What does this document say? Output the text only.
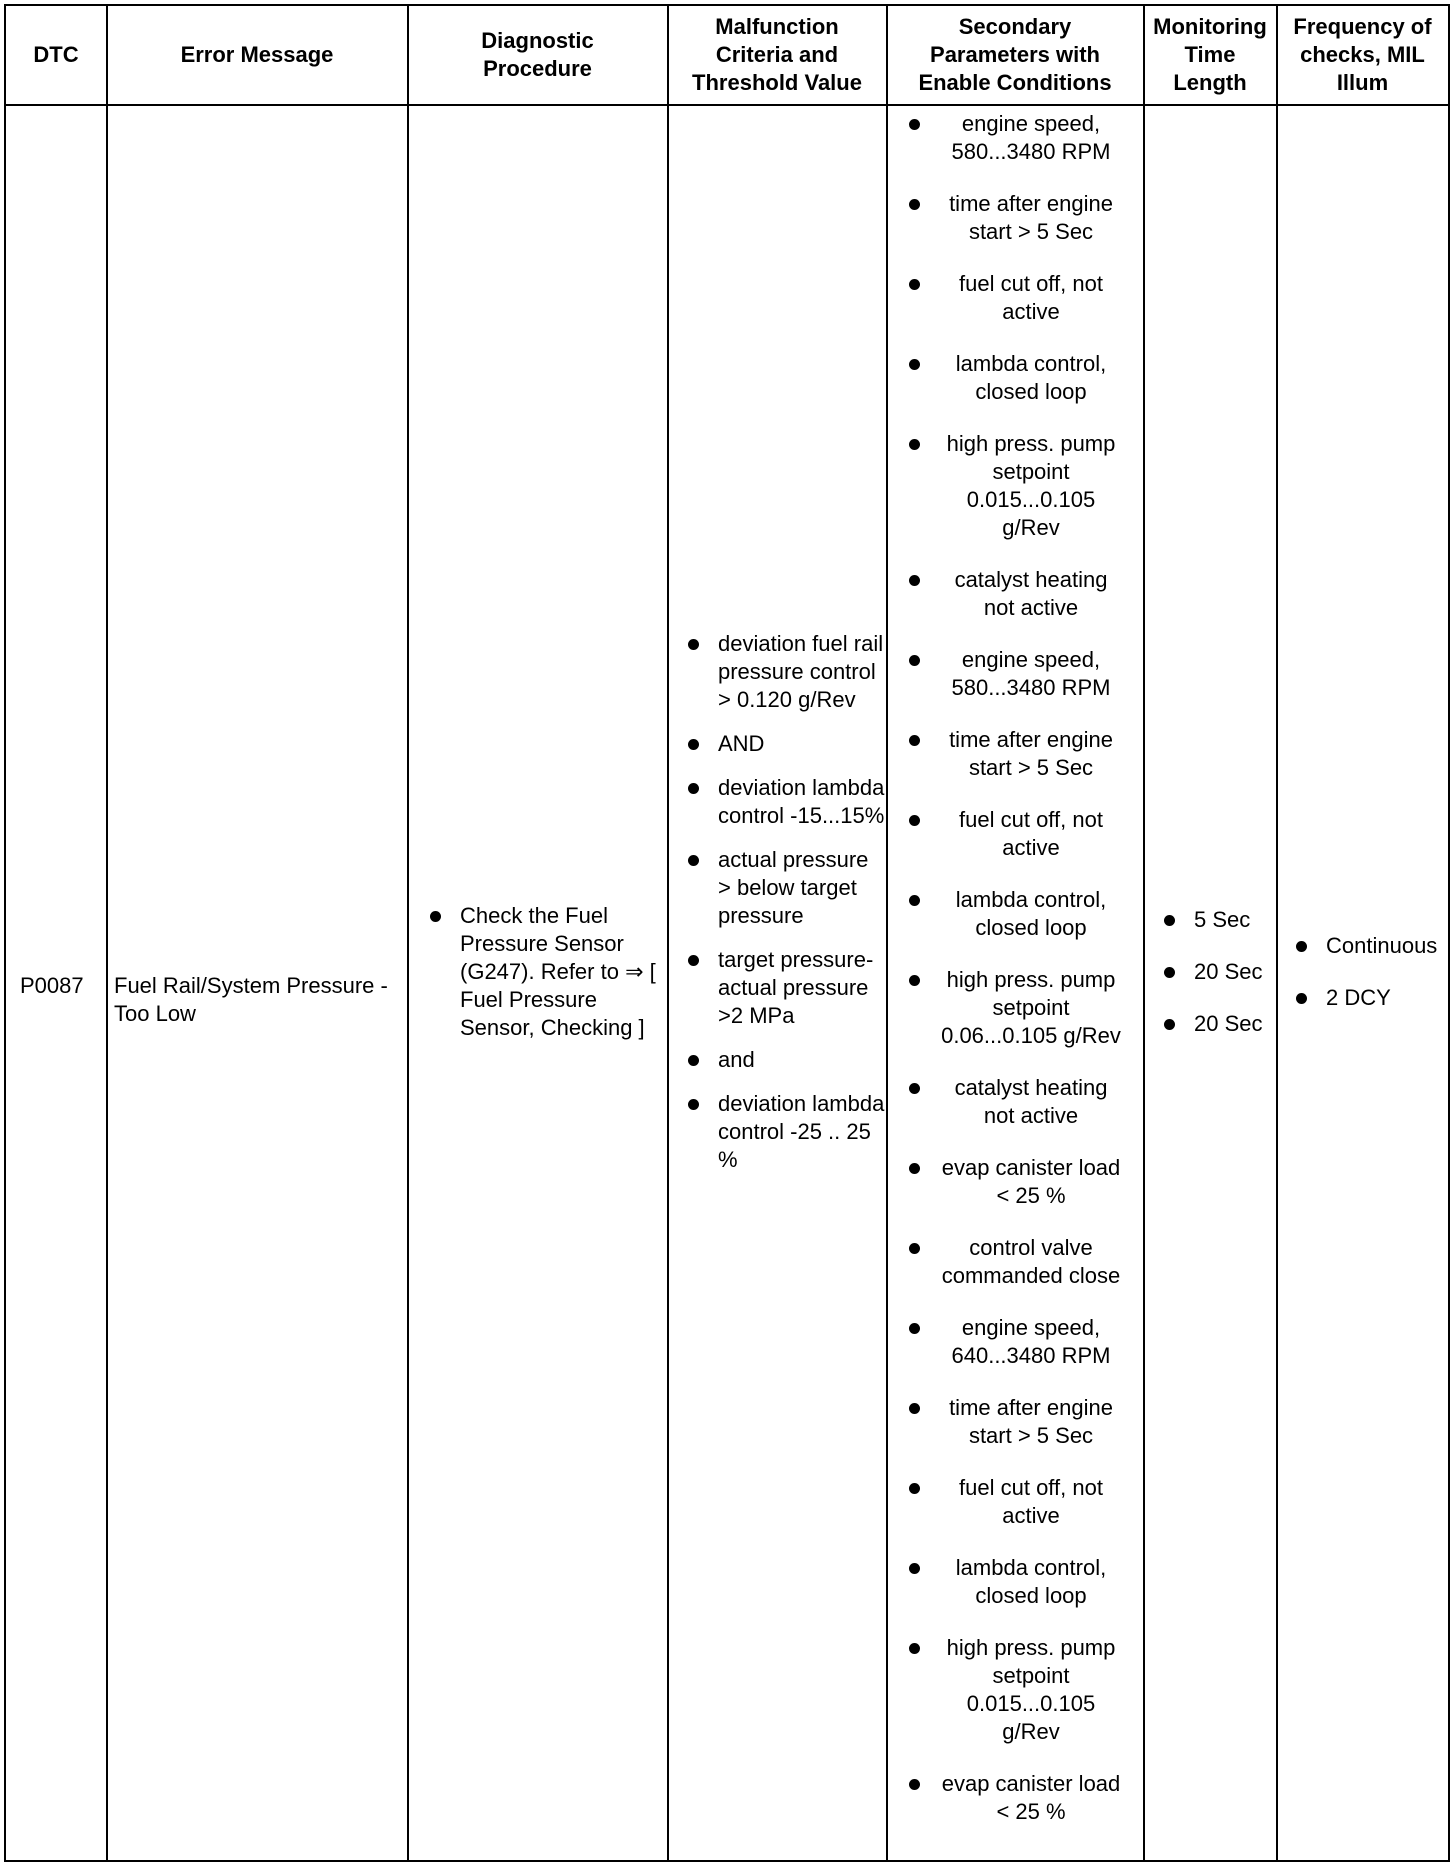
DTC	Error Message
Diagnostic
Procedure
Malfunction
Criteria and
Threshold Value
Secondary
Parameters with
Enable Conditions
Monitoring
Time
Length
Frequency of
checks, MIL
Illum
P0087 Fuel Rail/System Pressure - Too Low
Check the Fuel Pressure Sensor (G247). Refer to ⇒ [ Fuel Pressure Sensor, Checking ]
deviation fuel rail pressure control > 0.120 g/Rev
AND
deviation lambda control -15...15%
actual pressure > below target pressure
target pressure-actual pressure >2 MPa
and
deviation lambda control -25 .. 25 %
engine speed, 580...3480 RPM
time after engine start > 5 Sec
fuel cut off, not active
lambda control, closed loop
high press. pump setpoint 0.015...0.105 g/Rev
catalyst heating not active
engine speed, 580...3480 RPM
time after engine start > 5 Sec
fuel cut off, not active
lambda control, closed loop
high press. pump setpoint 0.06...0.105 g/Rev
catalyst heating not active
evap canister load < 25 %
control valve commanded close
engine speed, 640...3480 RPM
time after engine start > 5 Sec
fuel cut off, not active
lambda control, closed loop
high press. pump setpoint 0.015...0.105 g/Rev
evap canister load < 25 %
5 Sec
20 Sec
20 Sec
Continuous
2 DCY
